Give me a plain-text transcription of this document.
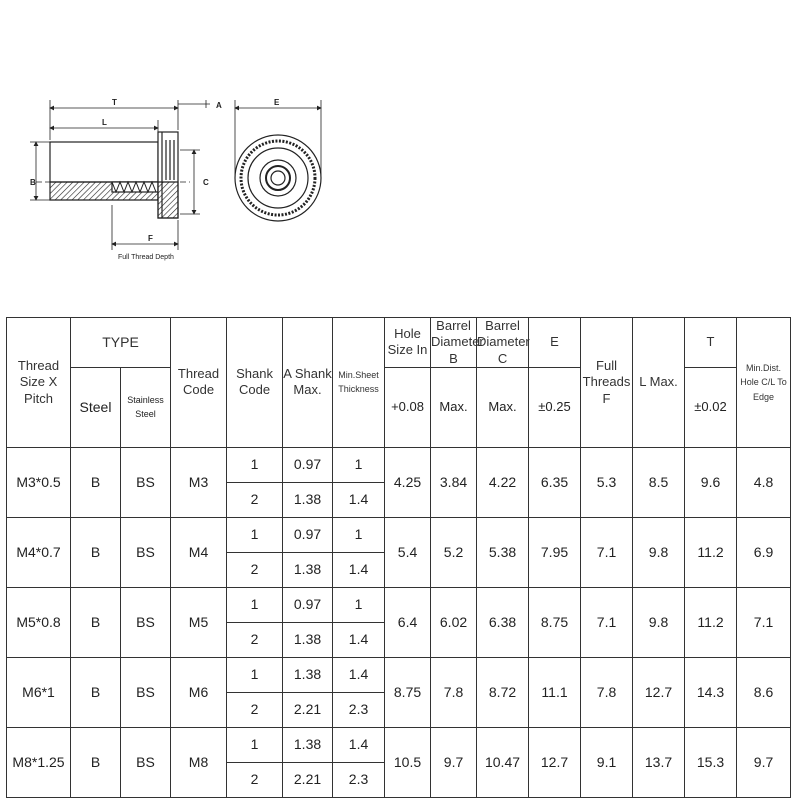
T
L
A
B	C
F
Full Thread Depth
E
Thread Size X Pitch	TYPE		Thread Code	Shank Code	A Shank Max.	Min.Sheet Thickness	Hole Size In	Barrel Diameter B	Barrel Diameter C	E	Full Threads F	L Max.	T	Min.Dist. Hole C/L To Edge
	Steel	Stainless Steel					+0.08	Max.	Max.	±0.25			±0.02	
M3*0.5	B	BS	M3	1	0.97	1	4.25	3.84	4.22	6.35	5.3	8.5	9.6	4.8
				2	1.38	1.4								
M4*0.7	B	BS	M4	1	0.97	1	5.4	5.2	5.38	7.95	7.1	9.8	11.2	6.9
				2	1.38	1.4								
M5*0.8	B	BS	M5	1	0.97	1	6.4	6.02	6.38	8.75	7.1	9.8	11.2	7.1
				2	1.38	1.4								
M6*1	B	BS	M6	1	1.38	1.4	8.75	7.8	8.72	11.1	7.8	12.7	14.3	8.6
				2	2.21	2.3								
M8*1.25	B	BS	M8	1	1.38	1.4	10.5	9.7	10.47	12.7	9.1	13.7	15.3	9.7
				2	2.21	2.3								
